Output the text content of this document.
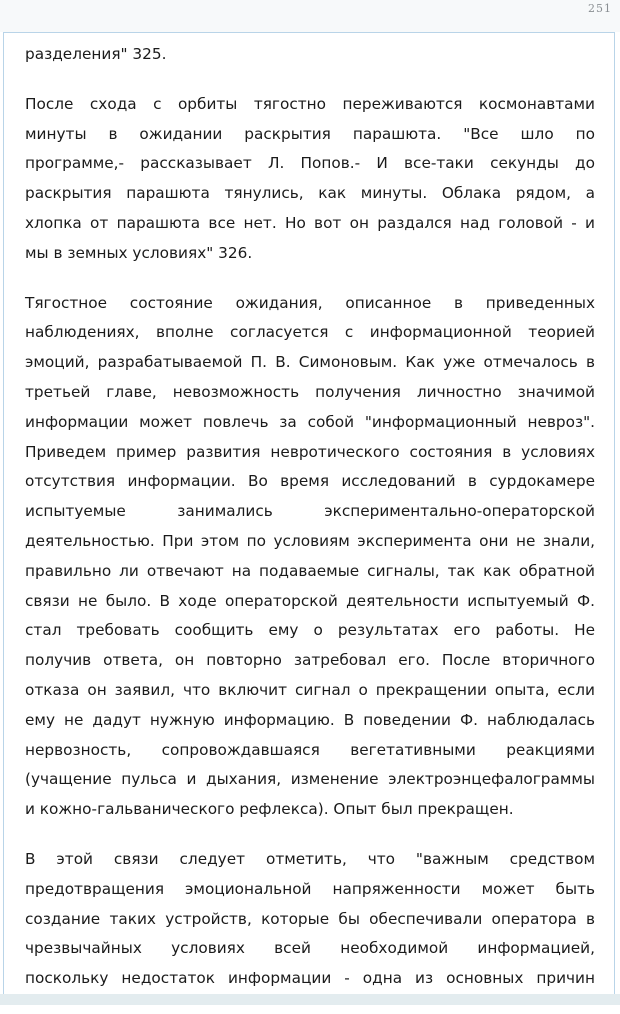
251
разделения" 325.
После схода с орбиты тягостно переживаются космонавтами
минуты в ожидании раскрытия парашюта. "Все шло по
программе,- рассказывает Л. Попов.- И все-таки секунды до
раскрытия парашюта тянулись, как минуты. Облака рядом, а
хлопка от парашюта все нет. Но вот он раздался над головой - и
мы в земных условиях" 326.
Тягостное состояние ожидания, описанное в приведенных
наблюдениях, вполне согласуется с информационной теорией
эмоций, разрабатываемой П. В. Симоновым. Как уже отмечалось в
третьей главе, невозможность получения личностно значимой
информации может повлечь за собой "информационный невроз".
Приведем пример развития невротического состояния в условиях
отсутствия информации. Во время исследований в сурдокамере
испытуемые занимались экспериментально-операторской
деятельностью. При этом по условиям эксперимента они не знали,
правильно ли отвечают на подаваемые сигналы, так как обратной
связи не было. В ходе операторской деятельности испытуемый Ф.
стал требовать сообщить ему о результатах его работы. Не
получив ответа, он повторно затребовал его. После вторичного
отказа он заявил, что включит сигнал о прекращении опыта, если
ему не дадут нужную информацию. В поведении Ф. наблюдалась
нервозность, сопровождавшаяся вегетативными реакциями
(учащение пульса и дыхания, изменение электроэнцефалограммы
и кожно-гальванического рефлекса). Опыт был прекращен.
В этой связи следует отметить, что "важным средством
предотвращения эмоциональной напряженности может быть
создание таких устройств, которые бы обеспечивали оператора в
чрезвычайных условиях всей необходимой информацией,
поскольку недостаток информации - одна из основных причин
